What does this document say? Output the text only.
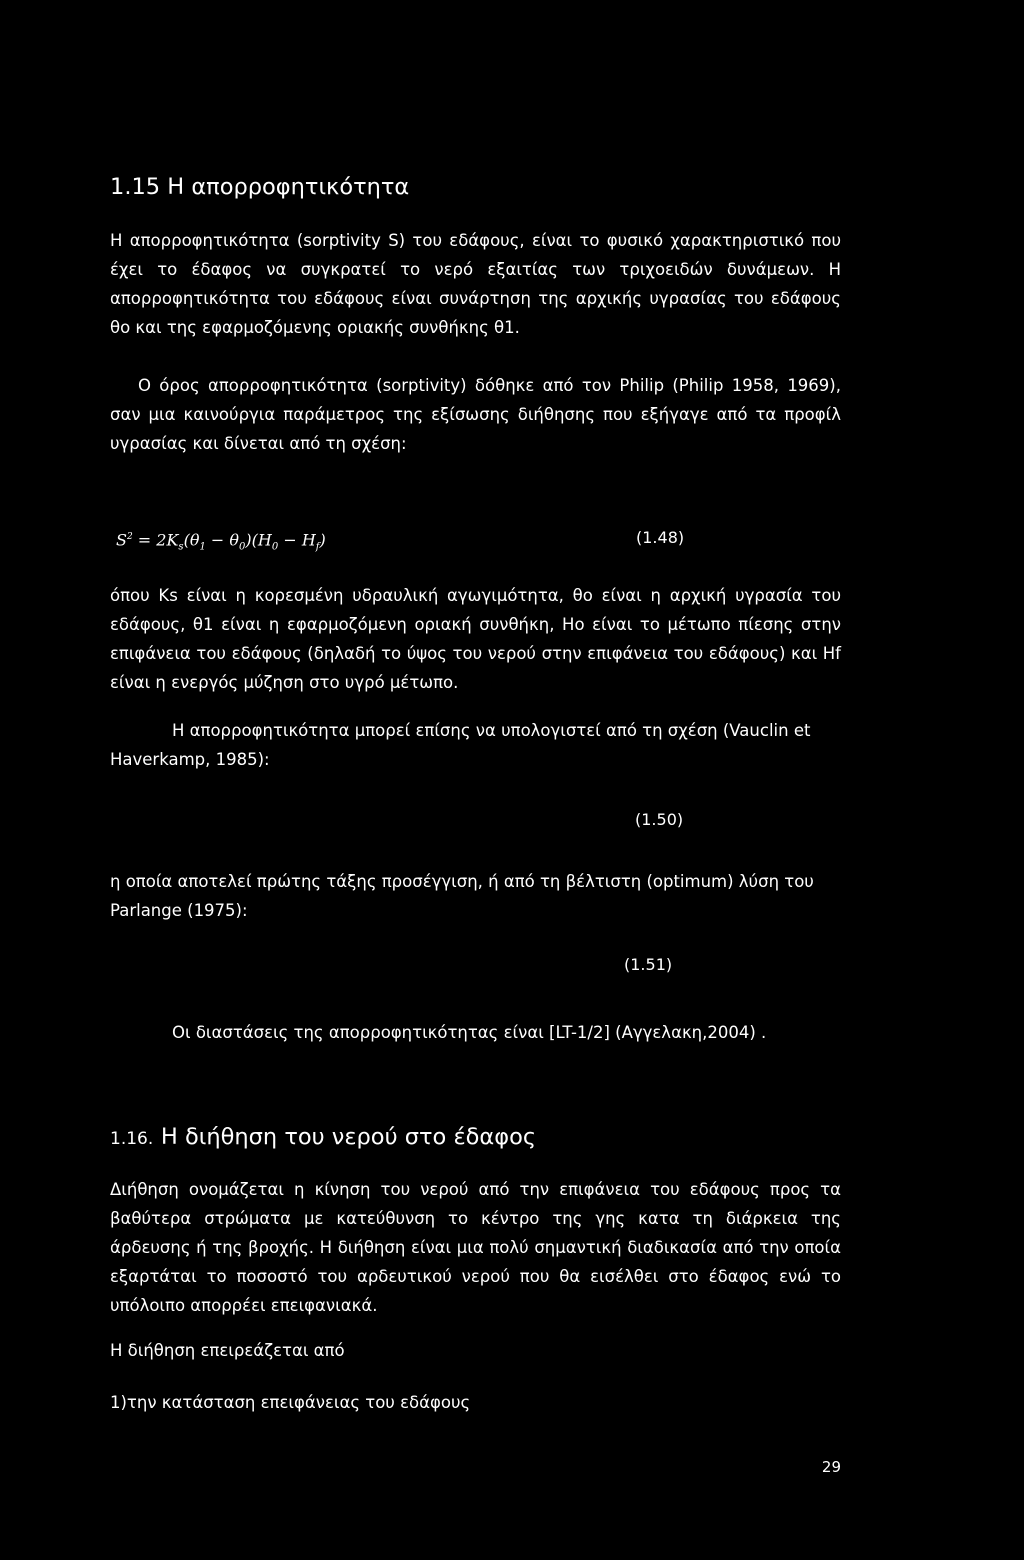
1.15 Η απορροφητικότητα

Η απορροφητικότητα (sorptivity S) του εδάφους, είναι το φυσικό χαρακτηριστικό που έχει το έδαφος να συγκρατεί το νερό εξαιτίας των τριχοειδών δυνάμεων. Η απορροφητικότητα του εδάφους είναι συνάρτηση της αρχικής υγρασίας του εδάφους θο και της εφαρμοζόμενης οριακής συνθήκης θ1.

Ο όρος απορροφητικότητα (sorptivity) δόθηκε από τον Philip (Philip 1958, 1969), σαν μια καινούργια παράμετρος της εξίσωσης διήθησης που εξήγαγε από τα προφίλ υγρασίας και δίνεται από τη σχέση:

$S^2 = 2K_s(\theta_1 - \theta_0)(H_0 - H_f)$	(1.48)

όπου Ks είναι η κορεσμένη υδραυλική αγωγιμότητα, θο είναι η αρχική υγρασία του εδάφους, θ1 είναι η εφαρμοζόμενη οριακή συνθήκη, Ho είναι το μέτωπο πίεσης στην επιφάνεια του εδάφους (δηλαδή το ύψος του νερού στην επιφάνεια του εδάφους) και Hf είναι η ενεργός μύζηση στο υγρό μέτωπο.

Η απορροφητικότητα μπορεί επίσης να υπολογιστεί από τη σχέση (Vauclin et Haverkamp, 1985):

(1.50)

η οποία αποτελεί πρώτης τάξης προσέγγιση, ή από τη βέλτιστη (optimum) λύση του Parlange (1975):

(1.51)

Οι διαστάσεις της απορροφητικότητας είναι [LT-1/2] (Αγγελακη,2004) .

1.16. Η διήθηση του νερού στο έδαφος

Διήθηση ονομάζεται η κίνηση του νερού από την επιφάνεια του εδάφους προς τα βαθύτερα στρώματα με κατεύθυνση το κέντρο της γης κατα τη διάρκεια της άρδευσης ή της βροχής. Η διήθηση είναι μια πολύ σημαντική διαδικασία από την οποία εξαρτάται το ποσοστό του αρδευτικού νερού που θα εισέλθει στο έδαφος ενώ το υπόλοιπο απορρέει επειφανιακά.

Η διήθηση επειρεάζεται από

1)την κατάσταση επειφάνειας του εδάφους

29
